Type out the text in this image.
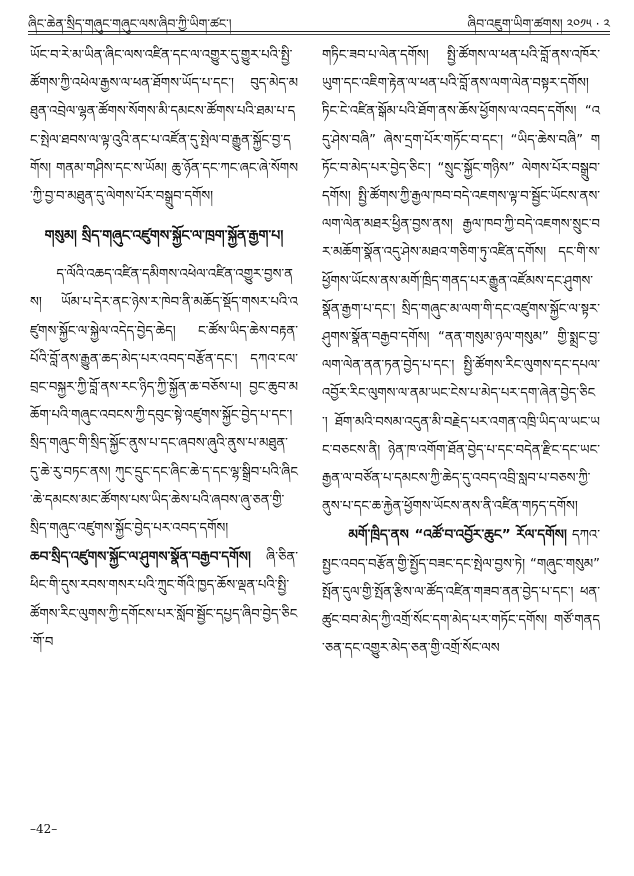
ཞིང་ཆེན་སྲིད་གཞུང་གཞུང་ལས་ཞིབ་ཀྱི་ཡིག་ཚང་།	ཞིབ་འཇུག་ཡིག་ཚགས། ༢༠༡༥ · ༢

ཡོང་བ་རེ་མ་ཡིན་ཞིང་ལས་འཛིན་དང་ལ་འགྱུར་དུ་གྱུར་པའི་སྤྱི་ཚོགས་ཀྱི་འཕེལ་རྒྱས་ལ་ཕན་ཐོགས་ཡོད་པ་དང་། བུད་མེད་མཐུན་འབྲེལ་ལྷན་ཚོགས་སོགས་མི་དམངས་ཚོགས་པའི་ཐམ་པ་དང་སྤེལ་ཐབས་ལ་ལྟ་འུའི་ནང་པ་འཛོན་དུ་སྤེལ་བ་རྒྱུན་སྐྱོང་བྱ་དགོས། གནམ་གཤིས་དང་ས་ཡོམ། ཆུ་ཉོན་དང་ཀང་ཞང་ཞེ་སོགས་ཀྱི་བྱ་བ་མཐུན་དུ་ལེགས་པོར་བསྒྲུབ་དགོས།

གསུམ། སྲིད་གཞུང་འཛུགས་སྐྱོང་ལ་ཁྲག་སྐྱོན་རྒྱག་པ།

ད་ལོའི་འཆད་འཛིན་དམིགས་འཕེལ་འཛིན་འགྱུར་བྱས་ནས། ཡོམ་པ་དེར་ནང་ཉེས་ར་ཁེབ་ནི་མཆོད་སྡོད་གསར་པའི་འཛུགས་སྐྱོང་ལ་སྐྱེལ་འདེད་བྱེད་ཆེད། ང་ཚོས་ཡིད་ཆེས་བརྟན་པོའི་བློ་ནས་རྒྱུན་ཆད་མེད་པར་འབད་བརྩོན་དང་། དཀའ་ངལ་བྲང་བསྐྱར་ཀྱི་བློ་ནས་རང་ཉིད་ཀྱི་སྐྱོན་ཆ་བཅོས་པ། བྱང་ཆུབ་མཆོག་པའི་གཞུང་འབངས་ཀྱི་དབུང་སྟེ་འཛུགས་སྐྱོང་བྱེད་པ་དང་། སྲིད་གཞུང་གི་སྲིད་སྐྱོང་ནུས་པ་དང་ཞབས་ཞུའི་ནུས་པ་མཐུན་དུ་ཆེ་རུ་བཏང་ནས། ཀུང་དྲུང་དང་ཞིང་ཆེ་ད་དང་ལྷ་སྒྲིབ་པའི་ཞིང་ཆེ་དམངས་མང་ཚོགས་པས་ཡིད་ཆེས་པའི་ཞབས་ཞུ་ཅན་གྱི་སྲིད་གཞུང་འཛུགས་སྐྱོང་བྱེད་པར་འབད་དགོས།

ཆབ་སྲིད་འཛུགས་སྐྱོང་ལ་ཤུགས་སྣོན་བརྒྱབ་དགོས། ཞི་ཅིན་ཕིང་གི་དུས་རབས་གསར་པའི་ཀྲུང་གོའི་ཁྱད་ཆོས་ལྡན་པའི་སྤྱི་ཚོགས་རིང་ལུགས་ཀྱི་དགོངས་པར་སློབ་སྦྱོང་དཔྱད་ཞིབ་བྱེད་ཅིང་གོ་བ

གཏིང་ཟབ་པ་ལེན་དགོས། སྤྱི་ཚོགས་ལ་ཕན་པའི་བློ་ནས་འཁོར་ཡུག་དང་འཇིག་རྟེན་ལ་ཕན་པའི་བློ་ནས་ལག་ལེན་བསྟར་དགོས། ཏིང་ངེ་འཛིན་སྒོམ་པའི་ཐོག་ནས་ཆོས་ཕྱོགས་ལ་འབད་དགོས། “འདུ་ཤེས་བཞི” ཞེས་དྲག་པོར་གཏོང་བ་དང་། “ཡིད་ཆེས་བཞི” གཏོང་བ་མེད་པར་བྱེད་ཅིང་། “སྲུང་སྐྱོང་གཉིས” ལེགས་པོར་བསྒྲུབ་དགོས། སྤྱི་ཚོགས་ཀྱི་རྒྱལ་ཁབ་བདེ་འཇགས་ལྟ་བ་སྦྱོང་ཡོངས་ནས་ལག་ལེན་མཐར་ཕྱིན་བྱས་ནས། རྒྱལ་ཁབ་ཀྱི་བདེ་འཇགས་སྲུང་བར་མཆོག་སྣོན་འདུ་ཤེས་མཐའ་གཅིག་ཏུ་འཛིན་དགོས། དང་གི་ས་ཕྱོགས་ཡོངས་ནས་མགོ་ཁྲིད་གནད་པར་རྒྱུན་འཛོམས་དང་ཤུགས་སྣོན་རྒྱག་པ་དང་། སྲིད་གཞུང་མ་ལག་གི་དང་འཛུགས་སྐྱོང་ལ་སྟར་ཤུགས་སྣོན་བརྒྱབ་དགོས། “ནན་གསུམ་ཉལ་གསུམ” གྱི་སྨྲང་བྱ་ལག་ལེན་ནན་ཏན་བྱེད་པ་དང་། སྤྱི་ཚོགས་རིང་ལུགས་དང་དཔལ་འབྱོར་རིང་ལུགས་ལ་ནམ་ཡང་ངེས་པ་མེད་པར་དག་ཞེན་བྱེད་ཅིང་། ཐོག་མའི་བསམ་འདུན་མི་བརྗེད་པར་འགན་འཁྲི་ཡིད་ལ་ཡང་ཡང་བཅངས་ནི། ཉེན་ཁ་འགོག་ཐོན་བྱེད་པ་དང་བདེན་རྫིང་དང་ཡང་རྒྱན་ལ་བཙོན་པ་དམངས་ཀྱི་ཆེད་དུ་འབད་འབྲི་སླབ་པ་བཅས་ཀྱི་ནུས་པ་དང་ཆ་རྐྱེན་ཕྱོགས་ཡོངས་ནས་ནི་འཛིན་གཏད་དགོས།

མགོ་ཁྲིད་ནས “འཚོ་བ་འབྱོར་ཆུང” རོལ་དགོས། དཀའ་སྤྱང་འབད་བརྩོན་གྱི་སྤྱོད་བཟང་དང་སྤེལ་བྱས་ཏེ། “གཞུང་གསུམ” སྤོན་དུལ་གྱི་སྤོན་རྩིས་ལ་ཚོད་འཛིན་གཟབ་ནན་བྱེད་པ་དང་། ཕན་ཚུང་བབ་མེད་ཀྱི་འགྲོ་སོང་དག་མེད་པར་གཏོང་དགོས། གཙོ་གནད་ཅན་དང་འགྱུར་མེད་ཅན་གྱི་འགྲོ་སོང་ལས

–42–
